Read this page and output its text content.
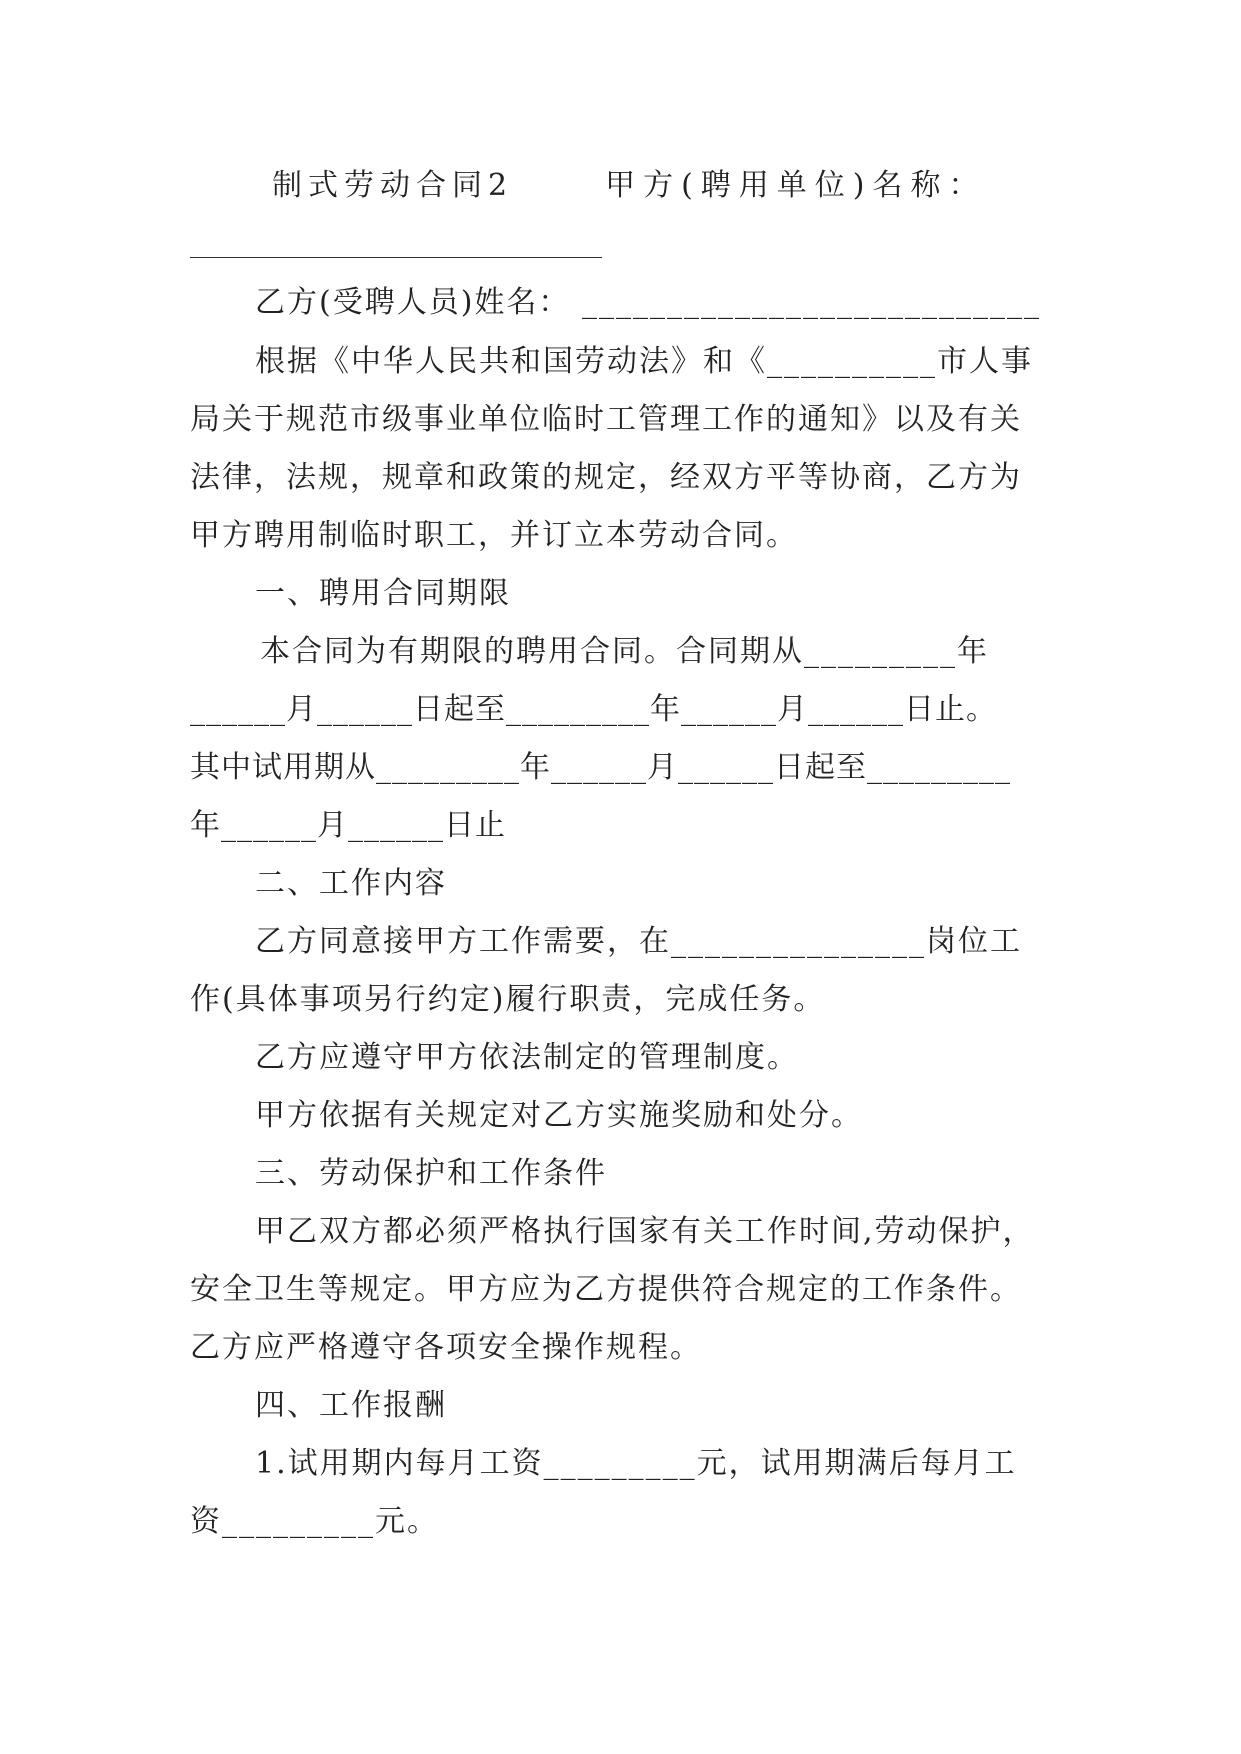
制式劳动合同2	甲方(聘用单位)名称：

乙方(受聘人员)姓名： ___________________________

根据《中华人民共和国劳动法》和《__________市人事

局关于规范市级事业单位临时工管理工作的通知》以及有关

法律，法规，规章和政策的规定，经双方平等协商，乙方为

甲方聘用制临时职工，并订立本劳动合同。

一、聘用合同期限

本合同为有期限的聘用合同。合同期从_________年

______月______日起至_________年______月______日止。

其中试用期从_________年______月______日起至_________

年______月______日止

二、工作内容

乙方同意接甲方工作需要，在_______________岗位工

作(具体事项另行约定)履行职责，完成任务。

乙方应遵守甲方依法制定的管理制度。

甲方依据有关规定对乙方实施奖励和处分。

三、劳动保护和工作条件

甲乙双方都必须严格执行国家有关工作时间,劳动保护，

安全卫生等规定。甲方应为乙方提供符合规定的工作条件。

乙方应严格遵守各项安全操作规程。

四、工作报酬

1.试用期内每月工资_________元，试用期满后每月工

资_________元。
